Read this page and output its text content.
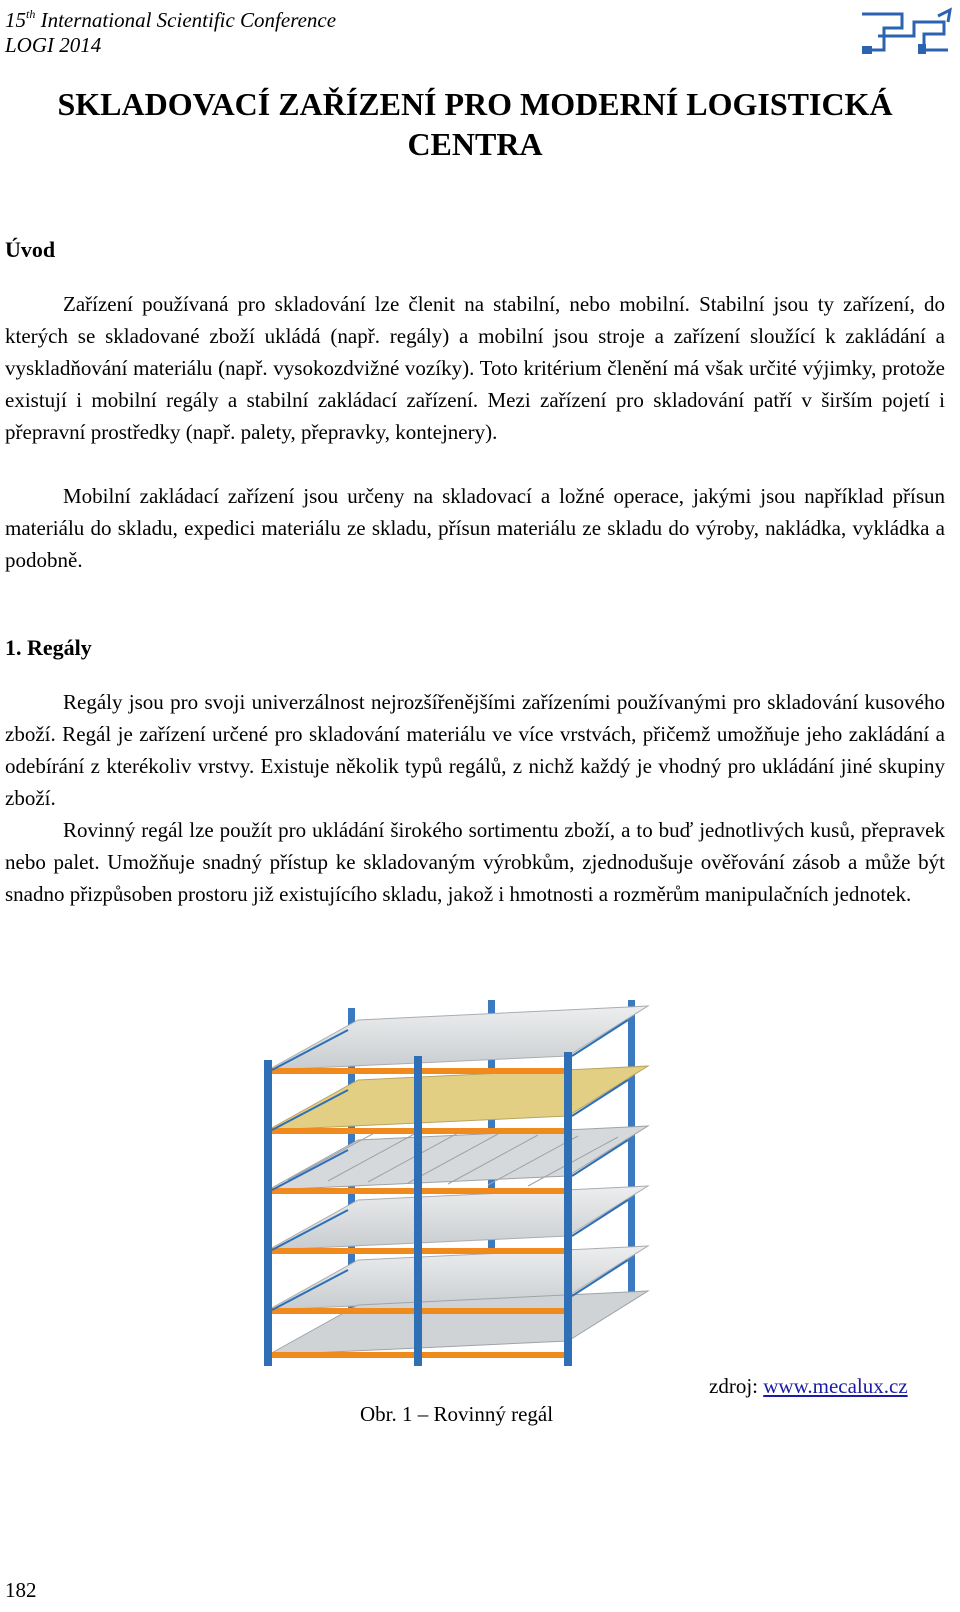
15th International Scientific Conference
LOGI 2014
SKLADOVACÍ ZAŘÍZENÍ PRO MODERNÍ LOGISTICKÁ
CENTRA
Úvod

Zařízení používaná pro skladování lze členit na stabilní, nebo mobilní. Stabilní jsou ty zařízení, do kterých se skladované zboží ukládá (např. regály) a mobilní jsou stroje a zařízení sloužící k zakládání a vyskladňování materiálu (např. vysokozdvižné vozíky). Toto kritérium členění má však určité výjimky, protože existují i mobilní regály a stabilní zakládací zařízení. Mezi zařízení pro skladování patří v širším pojetí i přepravní prostředky (např. palety, přepravky, kontejnery).

Mobilní zakládací zařízení jsou určeny na skladovací a ložné operace, jakými jsou například přísun materiálu do skladu, expedici materiálu ze skladu, přísun materiálu ze skladu do výroby, nakládka, vykládka a podobně.

1. Regály

Regály jsou pro svoji univerzálnost nejrozšířenějšími zařízeními používanými pro skladování kusového zboží. Regál je zařízení určené pro skladování materiálu ve více vrstvách, přičemž umožňuje jeho zakládání a odebírání z kterékoliv vrstvy. Existuje několik typů regálů, z nichž každý je vhodný pro ukládání jiné skupiny zboží.

Rovinný regál lze použít pro ukládání širokého sortimentu zboží, a to buď jednotlivých kusů, přepravek nebo palet. Umožňuje snadný přístup ke skladovaným výrobkům, zjednodušuje ověřování zásob a může být snadno přizpůsoben prostoru již existujícího skladu, jakož i hmotnosti a rozměrům manipulačních jednotek.

zdroj: www.mecalux.cz
Obr. 1 – Rovinný regál
182
